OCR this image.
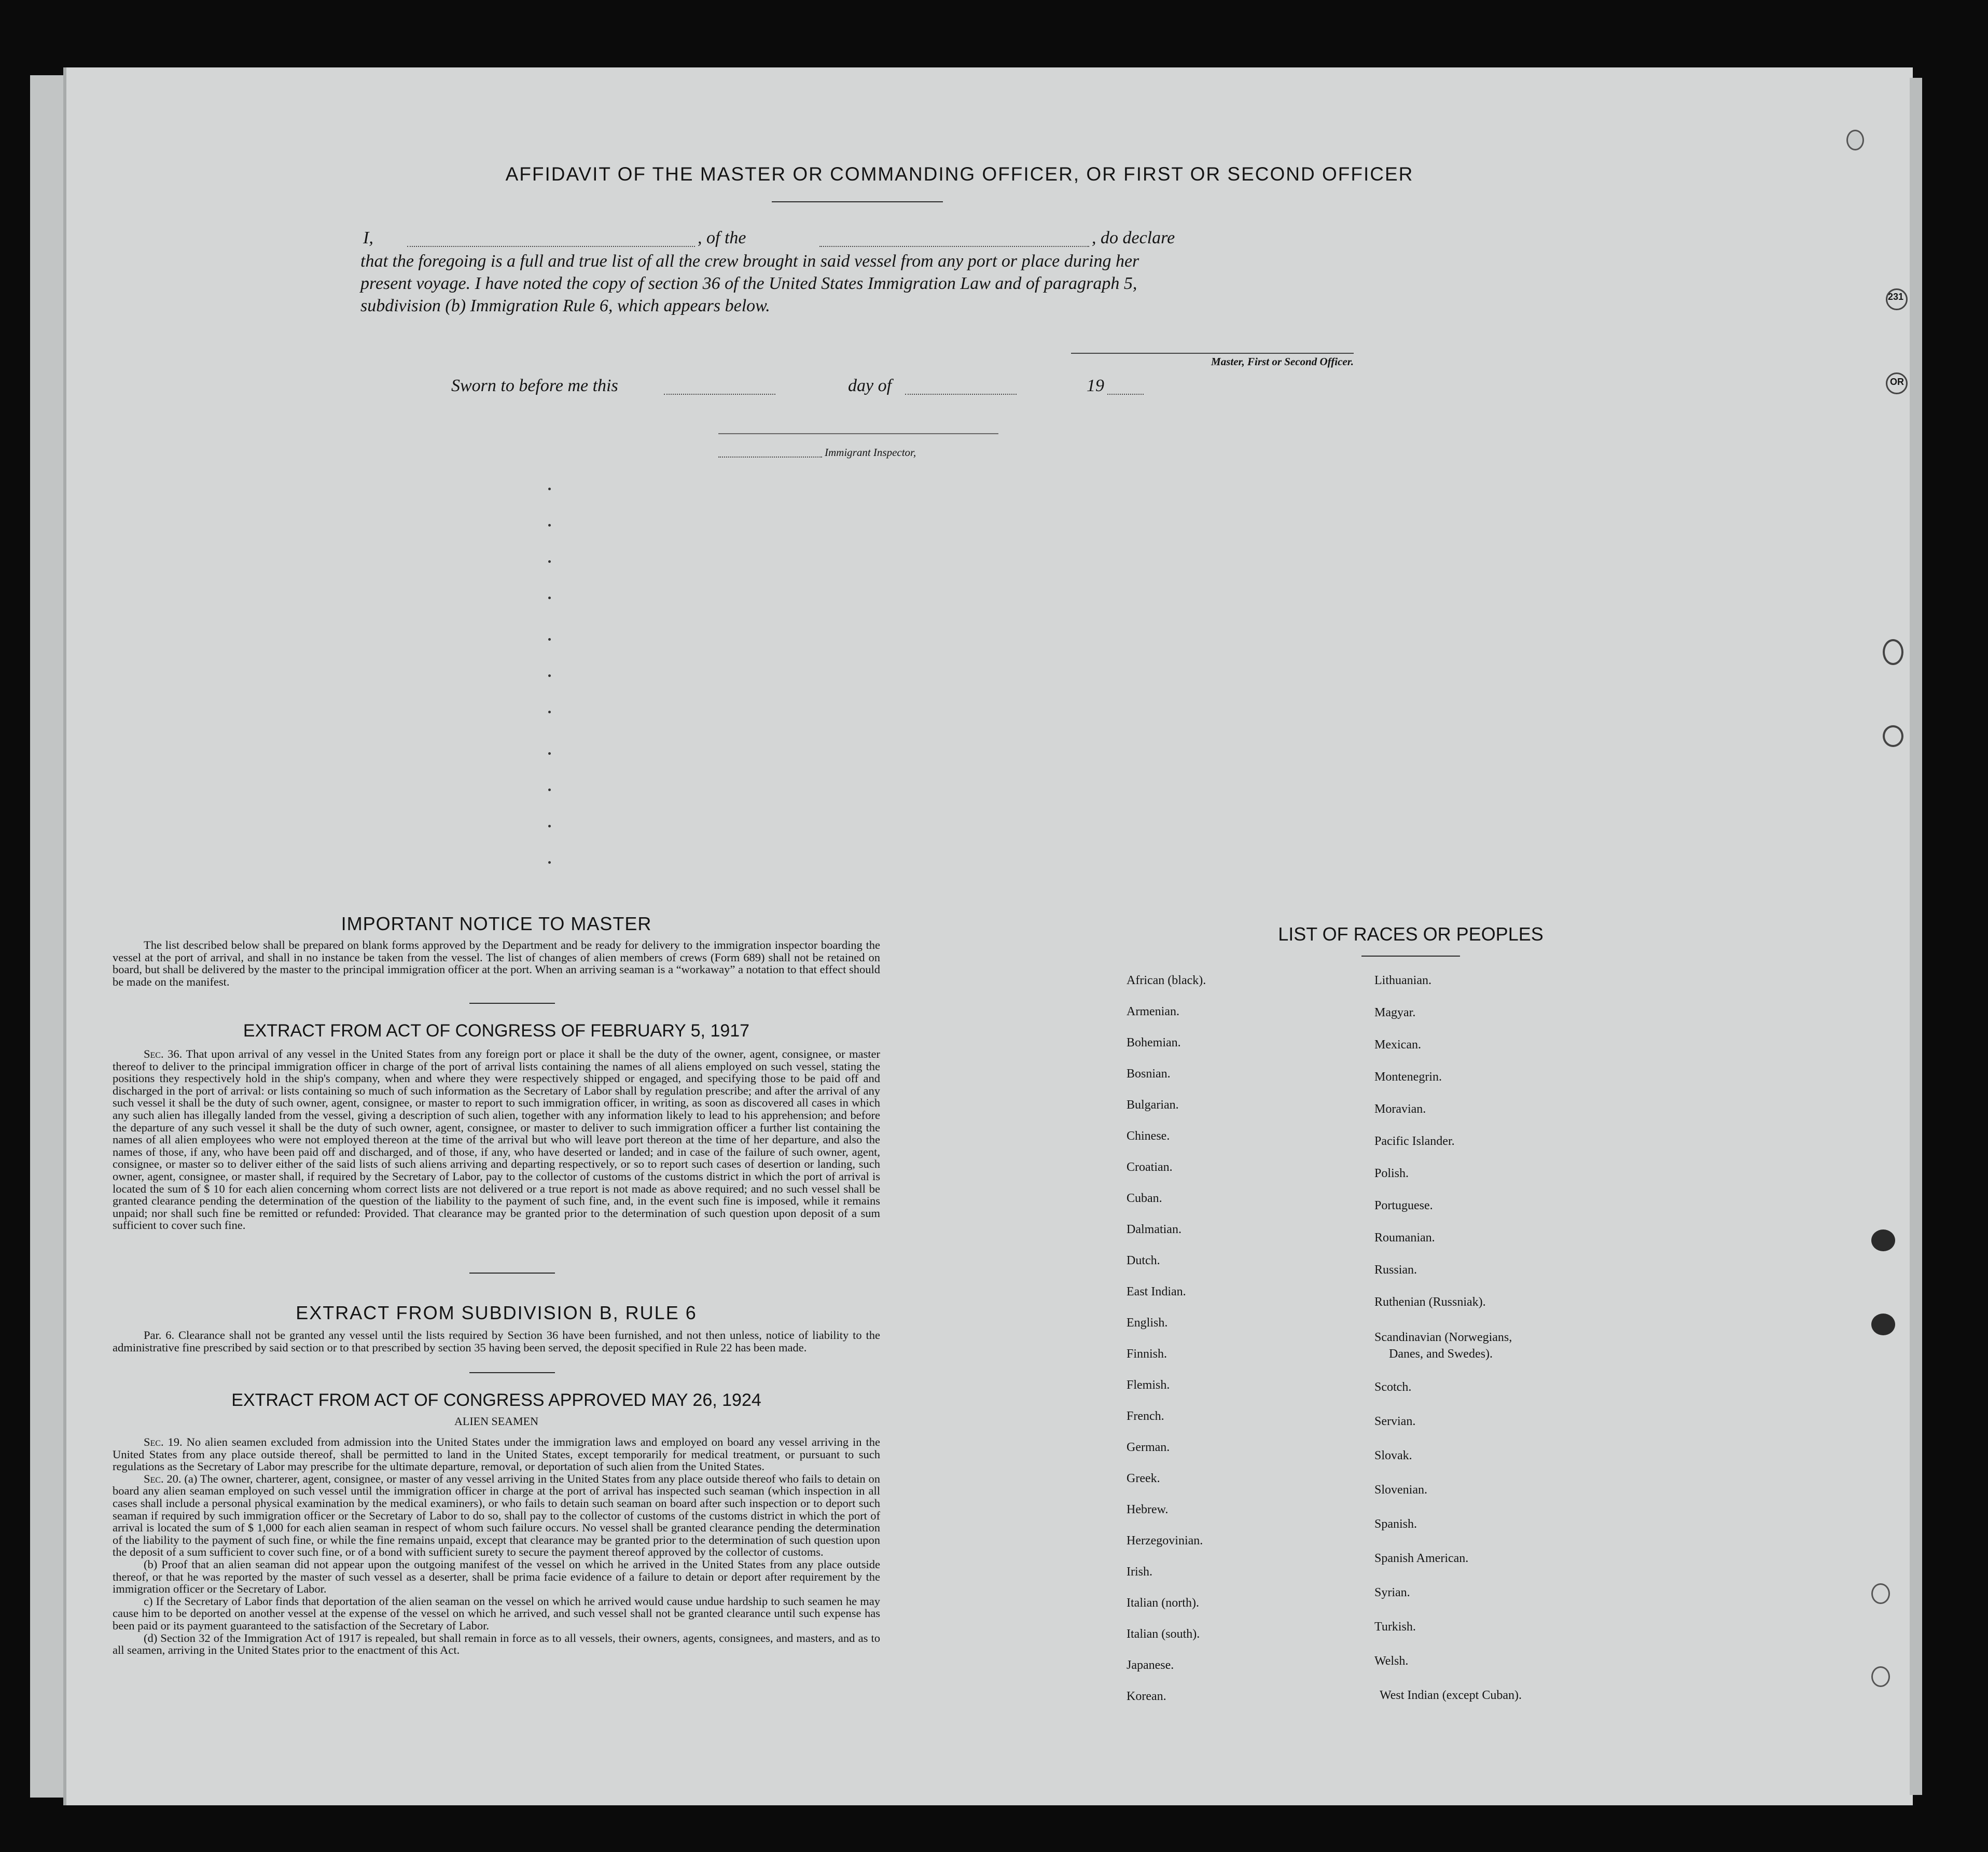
AFFIDAVIT OF THE MASTER OR COMMANDING OFFICER, OR FIRST OR SECOND OFFICER
I,	, of the	, do declare
that the foregoing is a full and true list of all the crew brought in said vessel from any port or place during her
present voyage. I have noted the copy of section 36 of the United States Immigration Law and of paragraph 5,
subdivision (b) Immigration Rule 6, which appears below.
Master, First or Second Officer.
Sworn to before me this	day of	19
Immigrant Inspector,
IMPORTANT NOTICE TO MASTER

The list described below shall be prepared on blank forms approved by the Department and be ready for delivery to the immigration inspector boarding the vessel at the port of arrival, and shall in no instance be taken from the vessel. The list of changes of alien members of crews (Form 689) shall not be retained on board, but shall be delivered by the master to the principal immigration officer at the port. When an arriving seaman is a “workaway” a notation to that effect should be made on the manifest.

EXTRACT FROM ACT OF CONGRESS OF FEBRUARY 5, 1917

Sec. 36. That upon arrival of any vessel in the United States from any foreign port or place it shall be the duty of the owner, agent, consignee, or master thereof to deliver to the principal immigration officer in charge of the port of arrival lists containing the names of all aliens employed on such vessel, stating the positions they respectively hold in the ship's company, when and where they were respectively shipped or engaged, and specifying those to be paid off and discharged in the port of arrival: or lists containing so much of such information as the Secretary of Labor shall by regulation prescribe; and after the arrival of any such vessel it shall be the duty of such owner, agent, consignee, or master to report to such immigration officer, in writing, as soon as discovered all cases in which any such alien has illegally landed from the vessel, giving a description of such alien, together with any information likely to lead to his apprehension; and before the departure of any such vessel it shall be the duty of such owner, agent, consignee, or master to deliver to such immigration officer a further list containing the names of all alien employees who were not employed thereon at the time of the arrival but who will leave port thereon at the time of her departure, and also the names of those, if any, who have been paid off and discharged, and of those, if any, who have deserted or landed; and in case of the failure of such owner, agent, consignee, or master so to deliver either of the said lists of such aliens arriving and departing respectively, or so to report such cases of desertion or landing, such owner, agent, consignee, or master shall, if required by the Secretary of Labor, pay to the collector of customs of the customs district in which the port of arrival is located the sum of $ 10 for each alien concerning whom correct lists are not delivered or a true report is not made as above required; and no such vessel shall be granted clearance pending the determination of the question of the liability to the payment of such fine, and, in the event such fine is imposed, while it remains unpaid; nor shall such fine be remitted or refunded: Provided. That clearance may be granted prior to the determination of such question upon deposit of a sum sufficient to cover such fine.

EXTRACT FROM SUBDIVISION B, RULE 6

Par. 6. Clearance shall not be granted any vessel until the lists required by Section 36 have been furnished, and not then unless, notice of liability to the administrative fine prescribed by said section or to that prescribed by section 35 having been served, the deposit specified in Rule 22 has been made.

EXTRACT FROM ACT OF CONGRESS APPROVED MAY 26, 1924
ALIEN SEAMEN

Sec. 19. No alien seamen excluded from admission into the United States under the immigration laws and employed on board any vessel arriving in the United States from any place outside thereof, shall be permitted to land in the United States, except temporarily for medical treatment, or pursuant to such regulations as the Secretary of Labor may prescribe for the ultimate departure, removal, or deportation of such alien from the United States.

Sec. 20. (a) The owner, charterer, agent, consignee, or master of any vessel arriving in the United States from any place outside thereof who fails to detain on board any alien seaman employed on such vessel until the immigration officer in charge at the port of arrival has inspected such seaman (which inspection in all cases shall include a personal physical examination by the medical examiners), or who fails to detain such seaman on board after such inspection or to deport such seaman if required by such immigration officer or the Secretary of Labor to do so, shall pay to the collector of customs of the customs district in which the port of arrival is located the sum of $ 1,000 for each alien seaman in respect of whom such failure occurs. No vessel shall be granted clearance pending the determination of the liability to the payment of such fine, or while the fine remains unpaid, except that clearance may be granted prior to the determination of such question upon the deposit of a sum sufficient to cover such fine, or of a bond with sufficient surety to secure the payment thereof approved by the collector of customs.

(b) Proof that an alien seaman did not appear upon the outgoing manifest of the vessel on which he arrived in the United States from any place outside thereof, or that he was reported by the master of such vessel as a deserter, shall be prima facie evidence of a failure to detain or deport after requirement by the immigration officer or the Secretary of Labor.

c) If the Secretary of Labor finds that deportation of the alien seaman on the vessel on which he arrived would cause undue hardship to such seamen he may cause him to be deported on another vessel at the expense of the vessel on which he arrived, and such vessel shall not be granted clearance until such expense has been paid or its payment guaranteed to the satisfaction of the Secretary of Labor.

(d) Section 32 of the Immigration Act of 1917 is repealed, but shall remain in force as to all vessels, their owners, agents, consignees, and masters, and as to all seamen, arriving in the United States prior to the enactment of this Act.

LIST OF RACES OR PEOPLES
African (black).
Armenian.
Bohemian.
Bosnian.
Bulgarian.
Chinese.
Croatian.
Cuban.
Dalmatian.
Dutch.
East Indian.
English.
Finnish.
Flemish.
French.
German.
Greek.
Hebrew.
Herzegovinian.
Irish.
Italian (north).
Italian (south).
Japanese.
Korean.
Lithuanian.
Magyar.
Mexican.
Montenegrin.
Moravian.
Pacific Islander.
Polish.
Portuguese.
Roumanian.
Russian.
Ruthenian (Russniak).
Scandinavian (Norwegians,
Danes, and Swedes).
Scotch.
Servian.
Slovak.
Slovenian.
Spanish.
Spanish American.
Syrian.
Turkish.
Welsh.
West Indian (except Cuban).
231
OR
